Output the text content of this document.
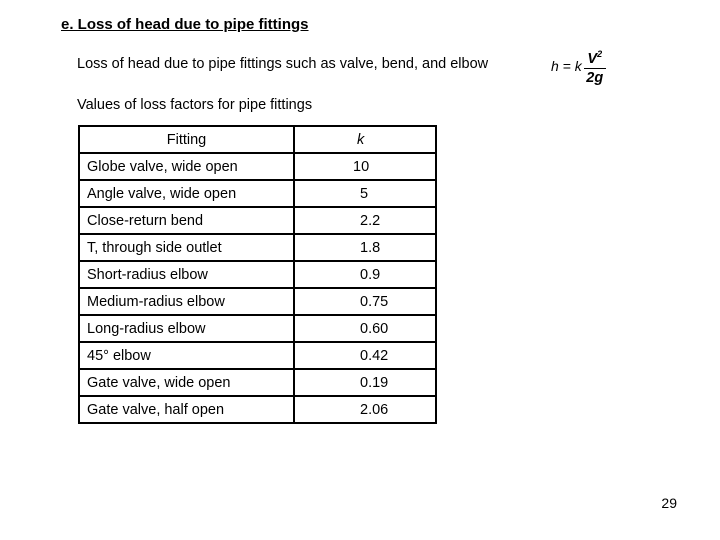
e. Loss of head due to pipe fittings
Loss of head due to pipe fittings such as valve, bend, and elbow	h = k $\frac{V^2}{2g}$
Values of loss factors for pipe fittings
Fitting	k
Globe valve, wide open	10
Angle valve, wide open	5
Close-return bend	2.2
T, through side outlet	1.8
Short-radius elbow	0.9
Medium-radius elbow	0.75
Long-radius elbow	0.60
45° elbow	0.42
Gate valve, wide open	0.19
Gate valve, half open	2.06
29
